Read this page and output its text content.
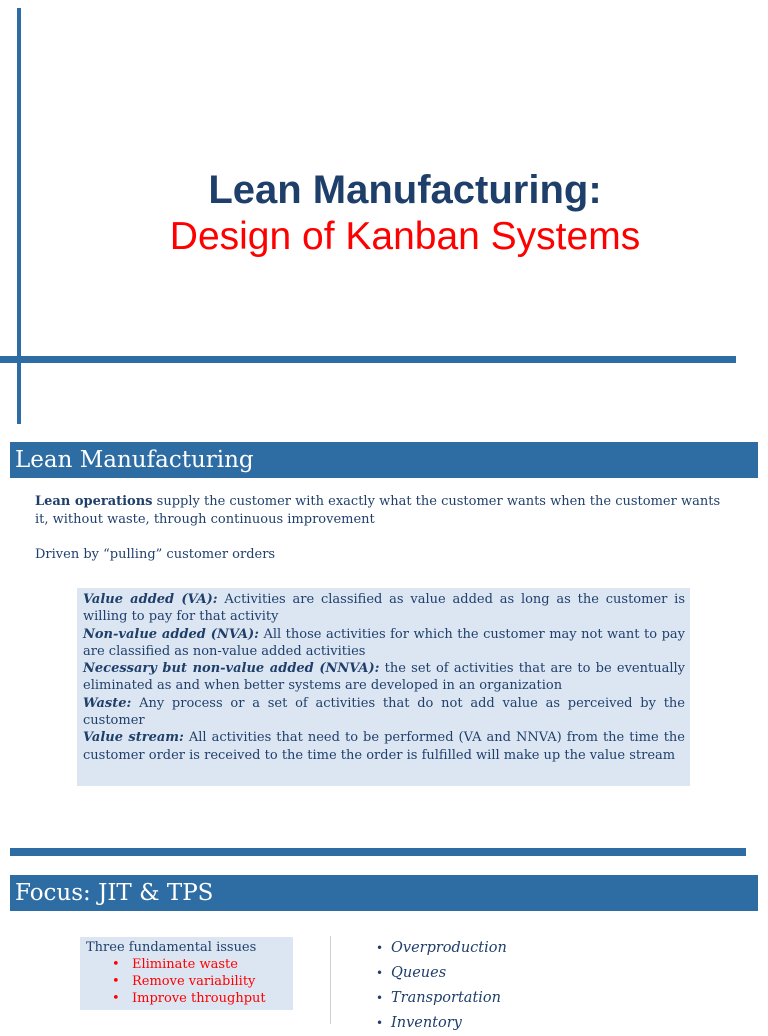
Lean Manufacturing:
Design of Kanban Systems
Lean Manufacturing
Lean operations supply the customer with exactly what the customer wants when the customer wants it, without waste, through continuous improvement
Driven by “pulling” customer orders

Value added (VA): Activities are classified as value added as long as the customer is willing to pay for that activity

Non-value added (NVA): All those activities for which the customer may not want to pay are classified as non-value added activities

Necessary but non-value added (NNVA): the set of activities that are to be eventually eliminated as and when better systems are developed in an organization

Waste: Any process or a set of activities that do not add value as perceived by the customer

Value stream: All activities that need to be performed (VA and NNVA) from the time the customer order is received to the time the order is fulfilled will make up the value stream

Focus: JIT & TPS
Three fundamental issues
• Eliminate waste
• Remove variability
• Improve throughput
• Overproduction
• Queues
• Transportation
• Inventory
